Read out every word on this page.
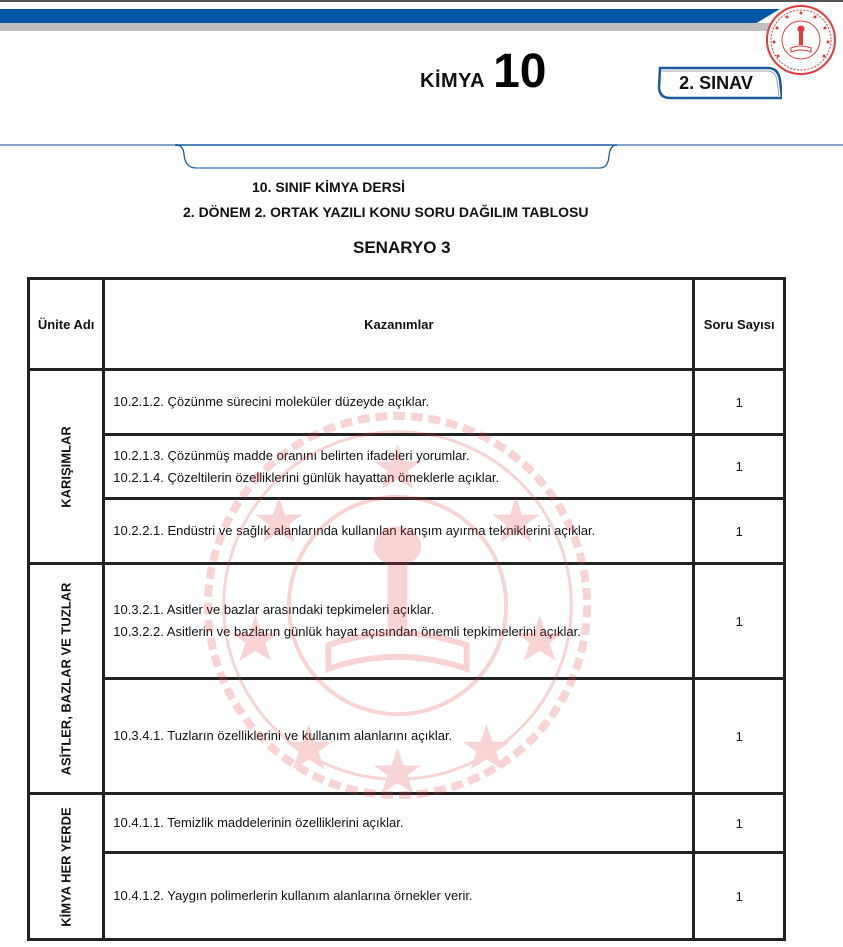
KİMYA 10	2. SINAV
10. SINIF KİMYA DERSİ
2. DÖNEM 2. ORTAK YAZILI KONU SORU DAĞILIM TABLOSU
SENARYO 3
Ünite Adı	Kazanımlar	Soru Sayısı

KARIŞIMLAR	10.2.1.2. Çözünme sürecini moleküler düzeyde açıklar.	1

	10.2.1.3. Çözünmüş madde oranını belirten ifadeleri yorumlar.
10.2.1.4. Çözeltilerin özelliklerini günlük hayattan ömeklerle açıklar.	1

	10.2.2.1. Endüstri ve sağlık alanlarında kullanılan kanşım ayırma tekniklerini açıklar.	1

ASİTLER, BAZLAR VE TUZLAR	10.3.2.1. Asitler ve bazlar arasındaki tepkimeleri açıklar.
10.3.2.2. Asitlerin ve bazların günlük hayat açısından önemli tepkimelerini açıklar.	1

	10.3.4.1. Tuzların özelliklerini ve kullanım alanlarını açıklar.	1

KİMYA HER YERDE	10.4.1.1. Temizlik maddelerinin özelliklerini açıklar.	1

	10.4.1.2. Yaygın polimerlerin kullanım alanlarına örnekler verir.	1
